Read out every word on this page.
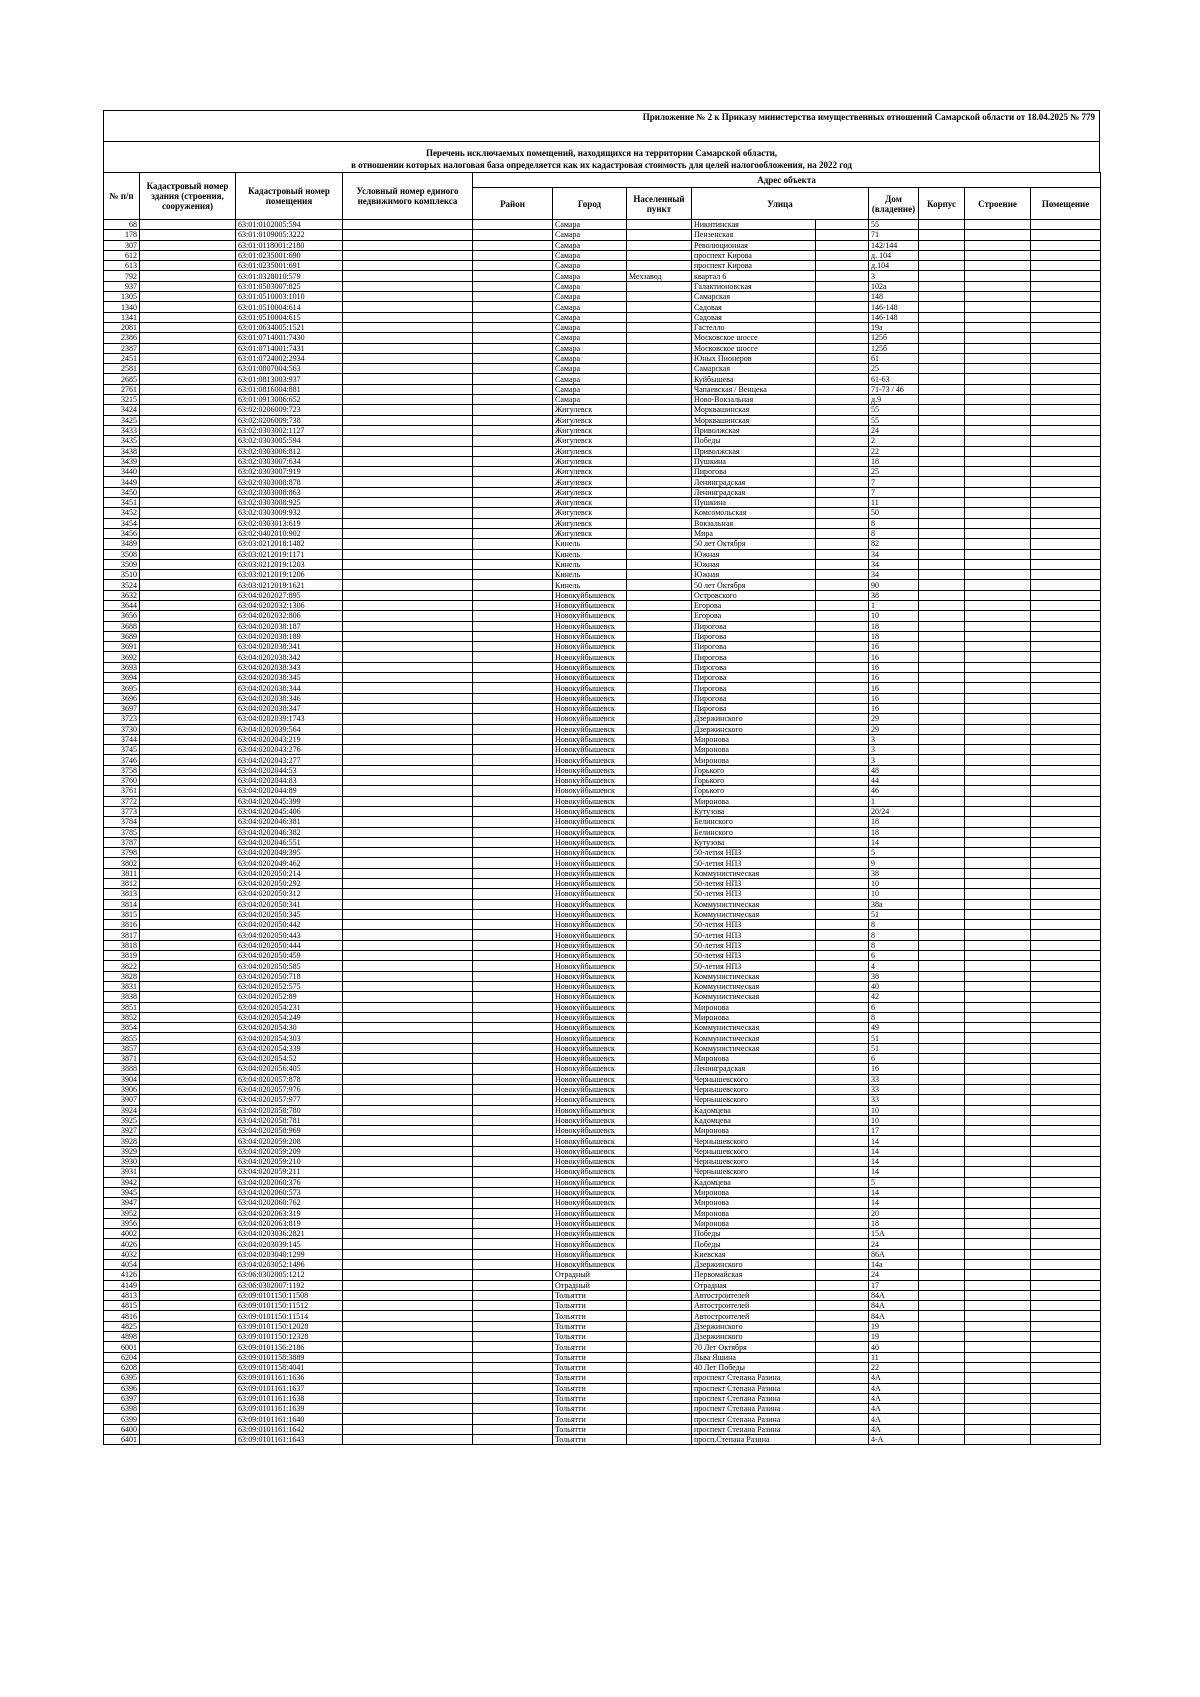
Приложение № 2 к Приказу министерства имущественных отношений Самарской области от 18.04.2025 № 779
Перечень исключаемых помещений, находящихся на территории Самарской области,
в отношении которых налоговая база определяется как их кадастровая стоимость для целей налогообложения, на 2022 год
№ п/п	Кадастровый номер здания (строения, сооружения)	Кадастровый номер помещения	Условный номер единого недвижимого комплекса	Адрес объекта								
				Район	Город	Населенный пункт	Улица		Дом (владение)	Корпус	Строение	Помещение
68		63:01:0102005:594			Самара		Никитинская		55			
178		63:01:0109005:3222			Самара		Пензенская		71			
307		63:01:0118001:2180			Самара		Революционная		142/144			
612		63:01:0235001:690			Самара		проспект Кирова		д. 104			
613		63:01:0235001:691			Самара		проспект Кирова		д.104			
792		63:01:0328010:579			Самара	Мехзавод	квартал 6		3			
937		63:01:0503007:825			Самара		Галактионовская		102а			
1305		63:01:0510003:1010			Самара		Самарская		148			
1340		63:01:0510004:614			Самара		Садовая		146-148			
1341		63:01:0510004:615			Самара		Садовая		146-148			
2081		63:01:0634005:1521			Самара		Гастелло		19а			
2386		63:01:0714001:7430			Самара		Московское шоссе		125б			
2387		63:01:0714001:7431			Самара		Московское шоссе		125б			
2451		63:01:0724002:2934			Самара		Юных Пионеров		61			
2581		63:01:0807004:563			Самара		Самарская		25			
2685		63:01:0813003:937			Самара		Куйбышева		61-63			
2761		63:01:0816004:881			Самара		Чапаевская / Венцека		71-73 / 46			
3215		63:01:0913006:652			Самара		Ново-Вокзальная		д.9			
3424		63:02:0206009:723			Жигулевск		Морквашинская		55			
3425		63:02:0206009:738			Жигулевск		Морквашинская		55			
3433		63:02:0303002:1127			Жигулевск		Приволжская		24			
3435		63:02:0303005:594			Жигулевск		Победы		2			
3438		63:02:0303006:812			Жигулевск		Приволжская		22			
3439		63:02:0303007:634			Жигулевск		Пушкина		18			
3440		63:02:0303007:919			Жигулевск		Пирогова		25			
3449		63:02:0303008:878			Жигулевск		Ленинградская		7			
3450		63:02:0303008:863			Жигулевск		Ленинградская		7			
3451		63:02:0303008:925			Жигулевск		Пушкина		11			
3452		63:02:0303009:932			Жигулевск		Комсомольская		50			
3454		63:02:0303013:619			Жигулевск		Вокзальная		8			
3456		63:02:0402010:902			Жигулевск		Мира		8			
3489		63:03:0212018:1482			Кинель		50 лет Октября		82			
3508		63:03:0212019:1171			Кинель		Южная		34			
3509		63:03:0212019:1203			Кинель		Южная		34			
3510		63:03:0212019:1206			Кинель		Южная		34			
3524		63:03:0212019:1621			Кинель		50 лет Октября		90			
3632		63:04:0202027:895			Новокуйбышевск		Островского		38			
3644		63:04:0202032:1306			Новокуйбышевск		Егорова		1			
3656		63:04:0202032:806			Новокуйбышевск		Егорова		10			
3688		63:04:0202038:187			Новокуйбышевск		Пирогова		18			
3689		63:04:0202038:189			Новокуйбышевск		Пирогова		18			
3691		63:04:0202038:341			Новокуйбышевск		Пирогова		16			
3692		63:04:0202038:342			Новокуйбышевск		Пирогова		16			
3693		63:04:0202038:343			Новокуйбышевск		Пирогова		16			
3694		63:04:0202038:345			Новокуйбышевск		Пирогова		16			
3695		63:04:0202038:344			Новокуйбышевск		Пирогова		16			
3696		63:04:0202038:346			Новокуйбышевск		Пирогова		16			
3697		63:04:0202038:347			Новокуйбышевск		Пирогова		16			
3723		63:04:0202039:1743			Новокуйбышевск		Дзержинского		29			
3730		63:04:0202039:564			Новокуйбышевск		Дзержинского		29			
3744		63:04:0202043:219			Новокуйбышевск		Миронова		3			
3745		63:04:0202043:276			Новокуйбышевск		Миронова		3			
3746		63:04:0202043:277			Новокуйбышевск		Миронова		3			
3758		63:04:0202044:53			Новокуйбышевск		Горького		48			
3760		63:04:0202044:83			Новокуйбышевск		Горького		44			
3761		63:04:0202044:89			Новокуйбышевск		Горького		46			
3772		63:04:0202045:399			Новокуйбышевск		Миронова		1			
3773		63:04:0202045:406			Новокуйбышевск		Кутузова		20/24			
3784		63:04:0202046:381			Новокуйбышевск		Белинского		18			
3785		63:04:0202046:382			Новокуйбышевск		Белинского		18			
3787		63:04:0202046:551			Новокуйбышевск		Кутузова		14			
3798		63:04:0202049:395			Новокуйбышевск		50-летия НПЗ		5			
3802		63:04:0202049:462			Новокуйбышевск		50-летия НПЗ		9			
3811		63:04:0202050:214			Новокуйбышевск		Коммунистическая		38			
3812		63:04:0202050:292			Новокуйбышевск		50-летия НПЗ		10			
3813		63:04:0202050:312			Новокуйбышевск		50-летия НПЗ		10			
3814		63:04:0202050:341			Новокуйбышевск		Коммунистическая		38а			
3815		63:04:0202050:345			Новокуйбышевск		Коммунистическая		51			
3816		63:04:0202050:442			Новокуйбышевск		50-летия НПЗ		8			
3817		63:04:0202050:443			Новокуйбышевск		50-летия НПЗ		8			
3818		63:04:0202050:444			Новокуйбышевск		50-летия НПЗ		8			
3819		63:04:0202050:459			Новокуйбышевск		50-летия НПЗ		6			
3822		63:04:0202050:585			Новокуйбышевск		50-летия НПЗ		4			
3828		63:04:0202050:718			Новокуйбышевск		Коммунистическая		38			
3831		63:04:0202052:575			Новокуйбышевск		Коммунистическая		40			
3838		63:04:0202052:89			Новокуйбышевск		Коммунистическая		42			
3851		63:04:0202054:231			Новокуйбышевск		Миронова		6			
3852		63:04:0202054:249			Новокуйбышевск		Миронова		8			
3854		63:04:0202054:30			Новокуйбышевск		Коммунистическая		49			
3855		63:04:0202054:303			Новокуйбышевск		Коммунистическая		51			
3857		63:04:0202054:339			Новокуйбышевск		Коммунистическая		51			
3871		63:04:0202054:52			Новокуйбышевск		Миронова		6			
3888		63:04:0202056:405			Новокуйбышевск		Ленинградская		16			
3904		63:04:0202057:878			Новокуйбышевск		Чернышевского		33			
3906		63:04:0202057:976			Новокуйбышевск		Чернышевского		33			
3907		63:04:0202057:977			Новокуйбышевск		Чернышевского		33			
3924		63:04:0202058:780			Новокуйбышевск		Кадомцева		10			
3925		63:04:0202058:781			Новокуйбышевск		Кадомцева		10			
3927		63:04:0202058:969			Новокуйбышевск		Миронова		17			
3928		63:04:0202059:208			Новокуйбышевск		Чернышевского		14			
3929		63:04:0202059:209			Новокуйбышевск		Чернышевского		14			
3930		63:04:0202059:210			Новокуйбышевск		Чернышевского		14			
3931		63:04:0202059:211			Новокуйбышевск		Чернышевского		14			
3942		63:04:0202060:376			Новокуйбышевск		Кадомцева		5			
3945		63:04:0202060:573			Новокуйбышевск		Миронова		14			
3947		63:04:0202060:762			Новокуйбышевск		Миронова		14			
3952		63:04:0202063:319			Новокуйбышевск		Миронова		20			
3956		63:04:0202063:819			Новокуйбышевск		Миронова		18			
4002		63:04:0203036:2821			Новокуйбышевск		Победы		15А			
4026		63:04:0203039:145			Новокуйбышевск		Победы		24			
4032		63:04:0203040:1299			Новокуйбышевск		Киевская		86А			
4054		63:04:0203052:1496			Новокуйбышевск		Дзержинского		14а			
4126		63:06:0302005:1212			Отрадный		Первомайская		24			
4149		63:06:0302007:1192			Отрадный		Отрадная		17			
4813		63:09:0101150:11508			Тольятти		Автостроителей		84А			
4815		63:09:0101150:11512			Тольятти		Автостроителей		84А			
4816		63:09:0101150:11514			Тольятти		Автостроителей		84А			
4825		63:09:0101150:12028			Тольятти		Дзержинского		19			
4898		63:09:0101150:12328			Тольятти		Дзержинского		19			
6001		63:09:0101156:2186			Тольятти		70 Лет Октября		40			
6204		63:09:0101158:3889			Тольятти		Льва Яшина		11			
6208		63:09:0101158:4041			Тольятти		40 Лет Победы		22			
6395		63:09:0101161:1636			Тольятти		проспект Степана Разина		4А			
6396		63:09:0101161:1637			Тольятти		проспект Степана Разина		4А			
6397		63:09:0101161:1638			Тольятти		проспект Степана Разина		4А			
6398		63:09:0101161:1639			Тольятти		проспект Степана Разина		4А			
6399		63:09:0101161:1640			Тольятти		проспект Степана Разина		4А			
6400		63:09:0101161:1642			Тольятти		проспект Степана Разина		4А			
6401		63:09:0101161:1643			Тольятти		просп.Степана Разина		4-А			
